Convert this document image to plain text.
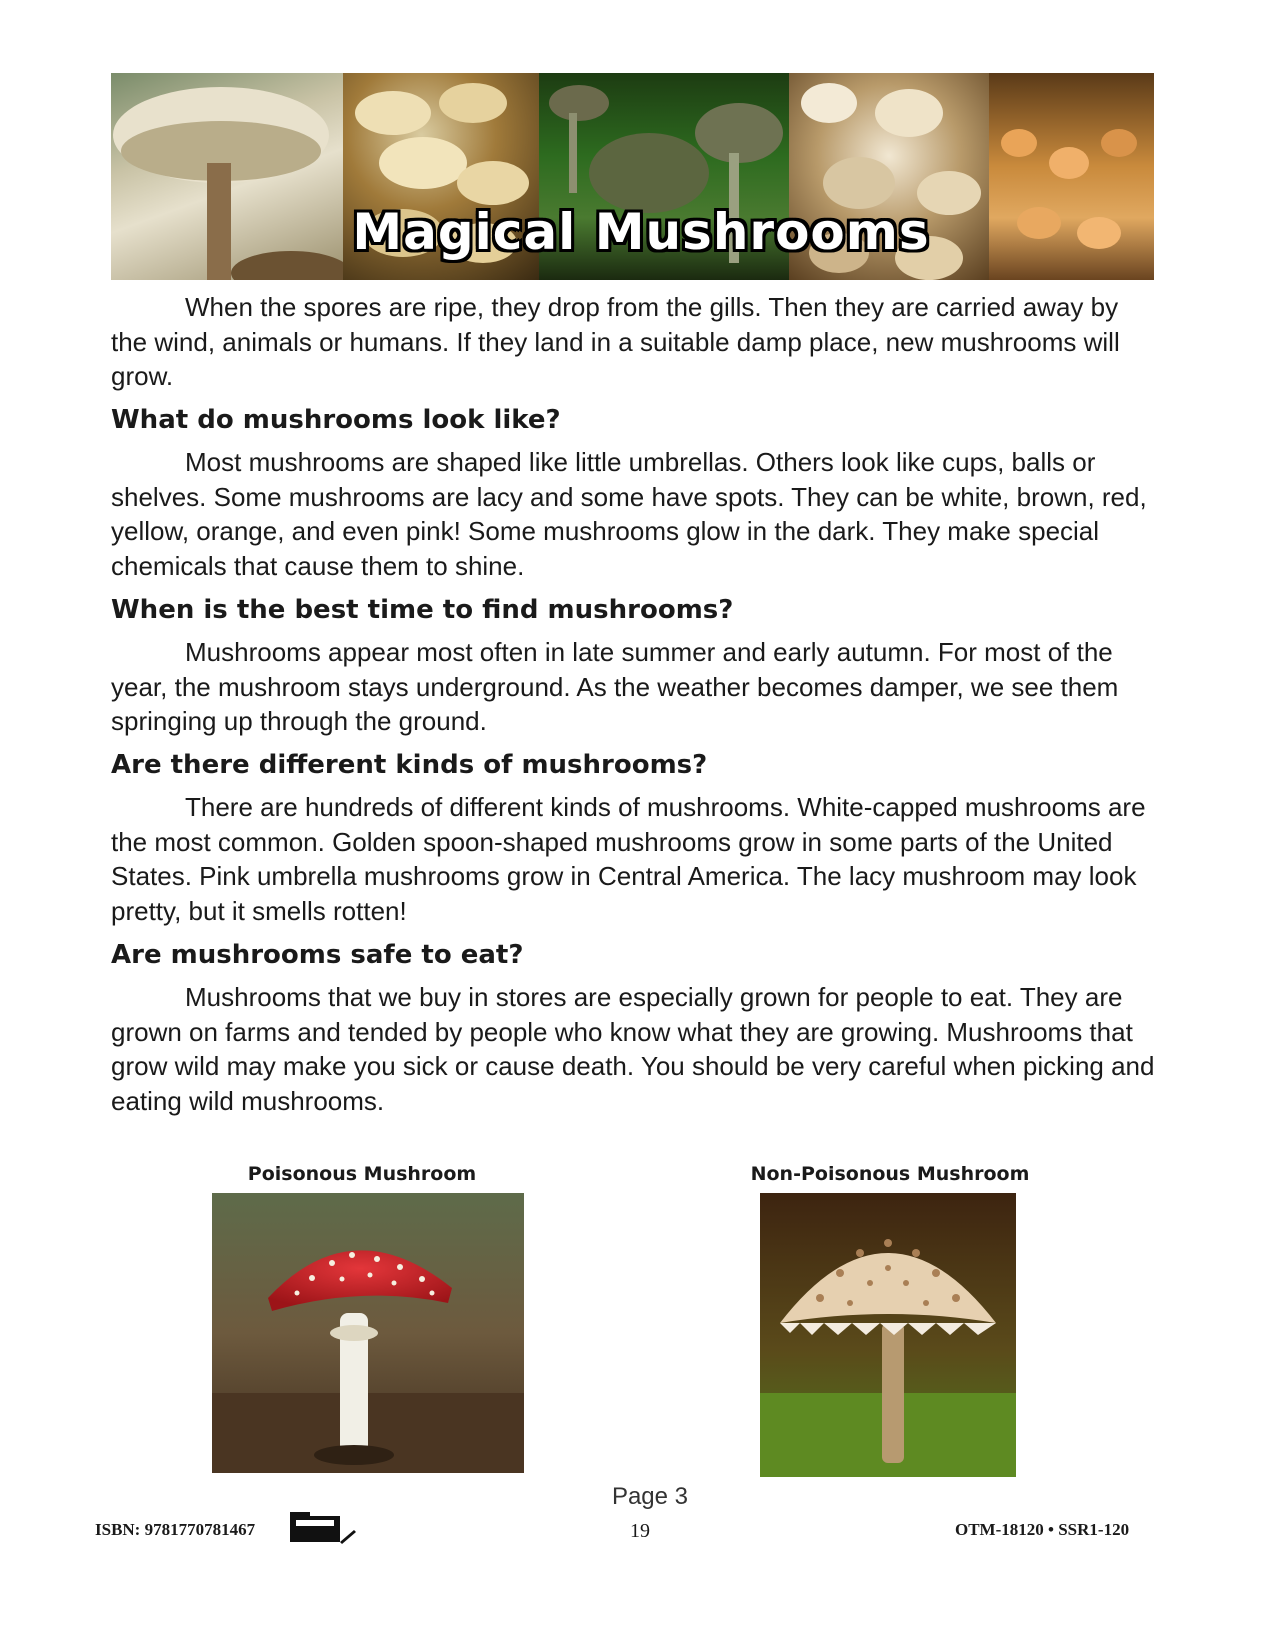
Magical Mushrooms

When the spores are ripe, they drop from the gills. Then they are carried away by the wind, animals or humans. If they land in a suitable damp place, new mushrooms will grow.

What do mushrooms look like?

Most mushrooms are shaped like little umbrellas. Others look like cups, balls or shelves. Some mushrooms are lacy and some have spots. They can be white, brown, red, yellow, orange, and even pink! Some mushrooms glow in the dark. They make special chemicals that cause them to shine.

When is the best time to find mushrooms?

Mushrooms appear most often in late summer and early autumn. For most of the year, the mushroom stays underground. As the weather becomes damper, we see them springing up through the ground.

Are there different kinds of mushrooms?

There are hundreds of different kinds of mushrooms. White-capped mushrooms are the most common. Golden spoon-shaped mushrooms grow in some parts of the United States. Pink umbrella mushrooms grow in Central America. The lacy mushroom may look pretty, but it smells rotten!

Are mushrooms safe to eat?

Mushrooms that we buy in stores are especially grown for people to eat. They are grown on farms and tended by people who know what they are growing. Mushrooms that grow wild may make you sick or cause death. You should be very careful when picking and eating wild mushrooms.

Poisonous Mushroom	Non-Poisonous Mushroom
Page 3
ISBN: 9781770781467	19	OTM-18120 • SSR1-120
